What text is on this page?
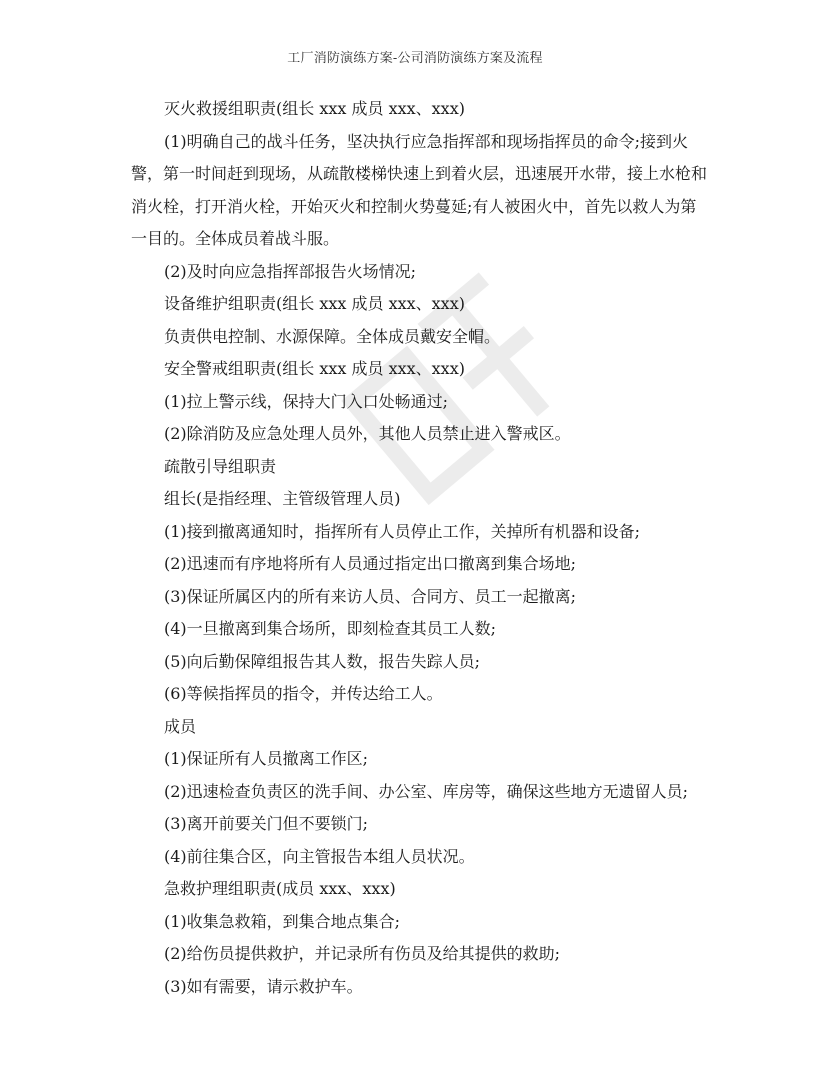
工厂消防演练方案-公司消防演练方案及流程
灭火救援组职责(组长 xxx 成员 xxx、xxx)
(1)明确自己的战斗任务，坚决执行应急指挥部和现场指挥员的命令;接到火
警，第一时间赶到现场，从疏散楼梯快速上到着火层，迅速展开水带，接上水枪和
消火栓，打开消火栓，开始灭火和控制火势蔓延;有人被困火中，首先以救人为第
一目的。全体成员着战斗服。
(2)及时向应急指挥部报告火场情况;
设备维护组职责(组长 xxx 成员 xxx、xxx)
负责供电控制、水源保障。全体成员戴安全帽。
安全警戒组职责(组长 xxx 成员 xxx、xxx)
(1)拉上警示线，保持大门入口处畅通过;
(2)除消防及应急处理人员外，其他人员禁止进入警戒区。
疏散引导组职责
组长(是指经理、主管级管理人员)
(1)接到撤离通知时，指挥所有人员停止工作，关掉所有机器和设备;
(2)迅速而有序地将所有人员通过指定出口撤离到集合场地;
(3)保证所属区内的所有来访人员、合同方、员工一起撤离;
(4)一旦撤离到集合场所，即刻检查其员工人数;
(5)向后勤保障组报告其人数，报告失踪人员;
(6)等候指挥员的指令，并传达给工人。
成员
(1)保证所有人员撤离工作区;
(2)迅速检查负责区的洗手间、办公室、库房等，确保这些地方无遗留人员;
(3)离开前要关门但不要锁门;
(4)前往集合区，向主管报告本组人员状况。
急救护理组职责(成员 xxx、xxx)
(1)收集急救箱，到集合地点集合;
(2)给伤员提供救护，并记录所有伤员及给其提供的救助;
(3)如有需要，请示救护车。
